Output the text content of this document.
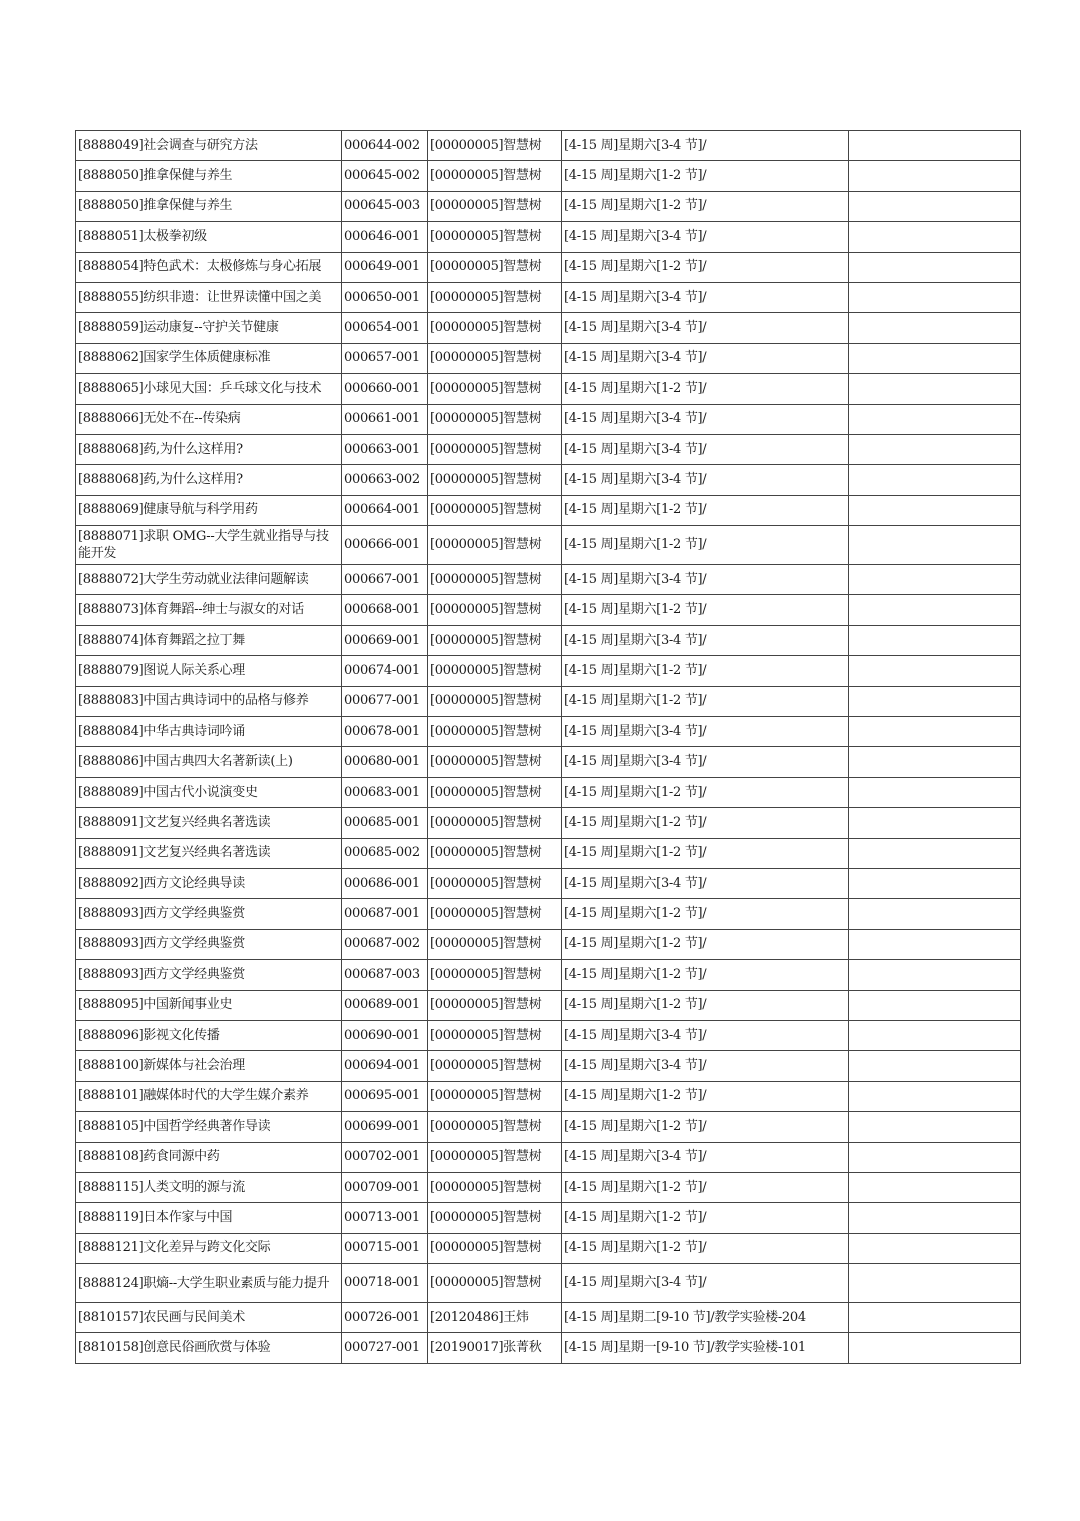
[8888049]社会调查与研究方法	000644-002	[00000005]智慧树	[4-15 周]星期六[3-4 节]/	
[8888050]推拿保健与养生	000645-002	[00000005]智慧树	[4-15 周]星期六[1-2 节]/	
[8888050]推拿保健与养生	000645-003	[00000005]智慧树	[4-15 周]星期六[1-2 节]/	
[8888051]太极拳初级	000646-001	[00000005]智慧树	[4-15 周]星期六[3-4 节]/	
[8888054]特色武术：太极修炼与身心拓展	000649-001	[00000005]智慧树	[4-15 周]星期六[1-2 节]/	
[8888055]纺织非遗：让世界读懂中国之美	000650-001	[00000005]智慧树	[4-15 周]星期六[3-4 节]/	
[8888059]运动康复--守护关节健康	000654-001	[00000005]智慧树	[4-15 周]星期六[3-4 节]/	
[8888062]国家学生体质健康标准	000657-001	[00000005]智慧树	[4-15 周]星期六[3-4 节]/	
[8888065]小球见大国：乒乓球文化与技术	000660-001	[00000005]智慧树	[4-15 周]星期六[1-2 节]/	
[8888066]无处不在--传染病	000661-001	[00000005]智慧树	[4-15 周]星期六[3-4 节]/	
[8888068]药,为什么这样用?	000663-001	[00000005]智慧树	[4-15 周]星期六[3-4 节]/	
[8888068]药,为什么这样用?	000663-002	[00000005]智慧树	[4-15 周]星期六[3-4 节]/	
[8888069]健康导航与科学用药	000664-001	[00000005]智慧树	[4-15 周]星期六[1-2 节]/	
[8888071]求职 OMG--大学生就业指导与技能开发	000666-001	[00000005]智慧树	[4-15 周]星期六[1-2 节]/	
[8888072]大学生劳动就业法律问题解读	000667-001	[00000005]智慧树	[4-15 周]星期六[3-4 节]/	
[8888073]体育舞蹈--绅士与淑女的对话	000668-001	[00000005]智慧树	[4-15 周]星期六[1-2 节]/	
[8888074]体育舞蹈之拉丁舞	000669-001	[00000005]智慧树	[4-15 周]星期六[3-4 节]/	
[8888079]图说人际关系心理	000674-001	[00000005]智慧树	[4-15 周]星期六[1-2 节]/	
[8888083]中国古典诗词中的品格与修养	000677-001	[00000005]智慧树	[4-15 周]星期六[1-2 节]/	
[8888084]中华古典诗词吟诵	000678-001	[00000005]智慧树	[4-15 周]星期六[3-4 节]/	
[8888086]中国古典四大名著新读(上)	000680-001	[00000005]智慧树	[4-15 周]星期六[3-4 节]/	
[8888089]中国古代小说演变史	000683-001	[00000005]智慧树	[4-15 周]星期六[1-2 节]/	
[8888091]文艺复兴经典名著选读	000685-001	[00000005]智慧树	[4-15 周]星期六[1-2 节]/	
[8888091]文艺复兴经典名著选读	000685-002	[00000005]智慧树	[4-15 周]星期六[1-2 节]/	
[8888092]西方文论经典导读	000686-001	[00000005]智慧树	[4-15 周]星期六[3-4 节]/	
[8888093]西方文学经典鉴赏	000687-001	[00000005]智慧树	[4-15 周]星期六[1-2 节]/	
[8888093]西方文学经典鉴赏	000687-002	[00000005]智慧树	[4-15 周]星期六[1-2 节]/	
[8888093]西方文学经典鉴赏	000687-003	[00000005]智慧树	[4-15 周]星期六[1-2 节]/	
[8888095]中国新闻事业史	000689-001	[00000005]智慧树	[4-15 周]星期六[1-2 节]/	
[8888096]影视文化传播	000690-001	[00000005]智慧树	[4-15 周]星期六[3-4 节]/	
[8888100]新媒体与社会治理	000694-001	[00000005]智慧树	[4-15 周]星期六[3-4 节]/	
[8888101]融媒体时代的大学生媒介素养	000695-001	[00000005]智慧树	[4-15 周]星期六[1-2 节]/	
[8888105]中国哲学经典著作导读	000699-001	[00000005]智慧树	[4-15 周]星期六[1-2 节]/	
[8888108]药食同源中药	000702-001	[00000005]智慧树	[4-15 周]星期六[3-4 节]/	
[8888115]人类文明的源与流	000709-001	[00000005]智慧树	[4-15 周]星期六[1-2 节]/	
[8888119]日本作家与中国	000713-001	[00000005]智慧树	[4-15 周]星期六[1-2 节]/	
[8888121]文化差异与跨文化交际	000715-001	[00000005]智慧树	[4-15 周]星期六[1-2 节]/	
[8888124]职熵--大学生职业素质与能力提升	000718-001	[00000005]智慧树	[4-15 周]星期六[3-4 节]/	
[8810157]农民画与民间美术	000726-001	[20120486]王炜	[4-15 周]星期二[9-10 节]/教学实验楼-204	
[8810158]创意民俗画欣赏与体验	000727-001	[20190017]张菁秋	[4-15 周]星期一[9-10 节]/教学实验楼-101	
